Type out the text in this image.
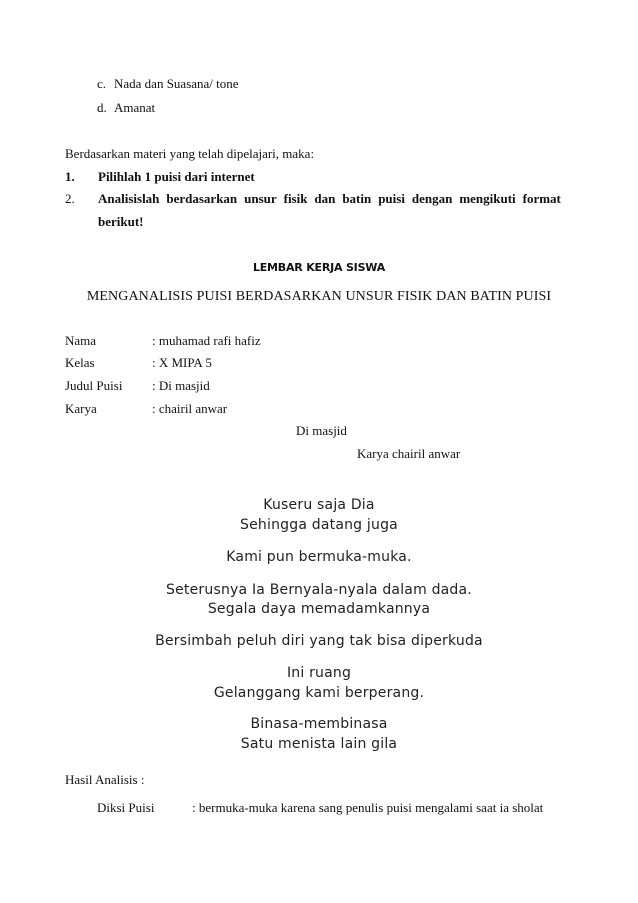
c. Nada dan Suasana/ tone
d. Amanat
Berdasarkan materi yang telah dipelajari, maka:
1. Pilihlah 1 puisi dari internet
2. Analisislah berdasarkan unsur fisik dan batin puisi dengan mengikuti format
berikut!
LEMBAR KERJA SISWA
MENGANALISIS PUISI BERDASARKAN UNSUR FISIK DAN BATIN PUISI
Nama	: muhamad rafi hafiz
Kelas	: X MIPA 5
Judul Puisi : Di masjid
Karya	: chairil anwar
Di masjid
Karya chairil anwar
Kuseru saja Dia
Sehingga datang juga
Kami pun bermuka-muka.
Seterusnya Ia Bernyala-nyala dalam dada.
Segala daya memadamkannya
Bersimbah peluh diri yang tak bisa diperkuda
Ini ruang
Gelanggang kami berperang.
Binasa-membinasa
Satu menista lain gila
Hasil Analisis :
Diksi Puisi	: bermuka-muka karena sang penulis puisi mengalami saat ia sholat
